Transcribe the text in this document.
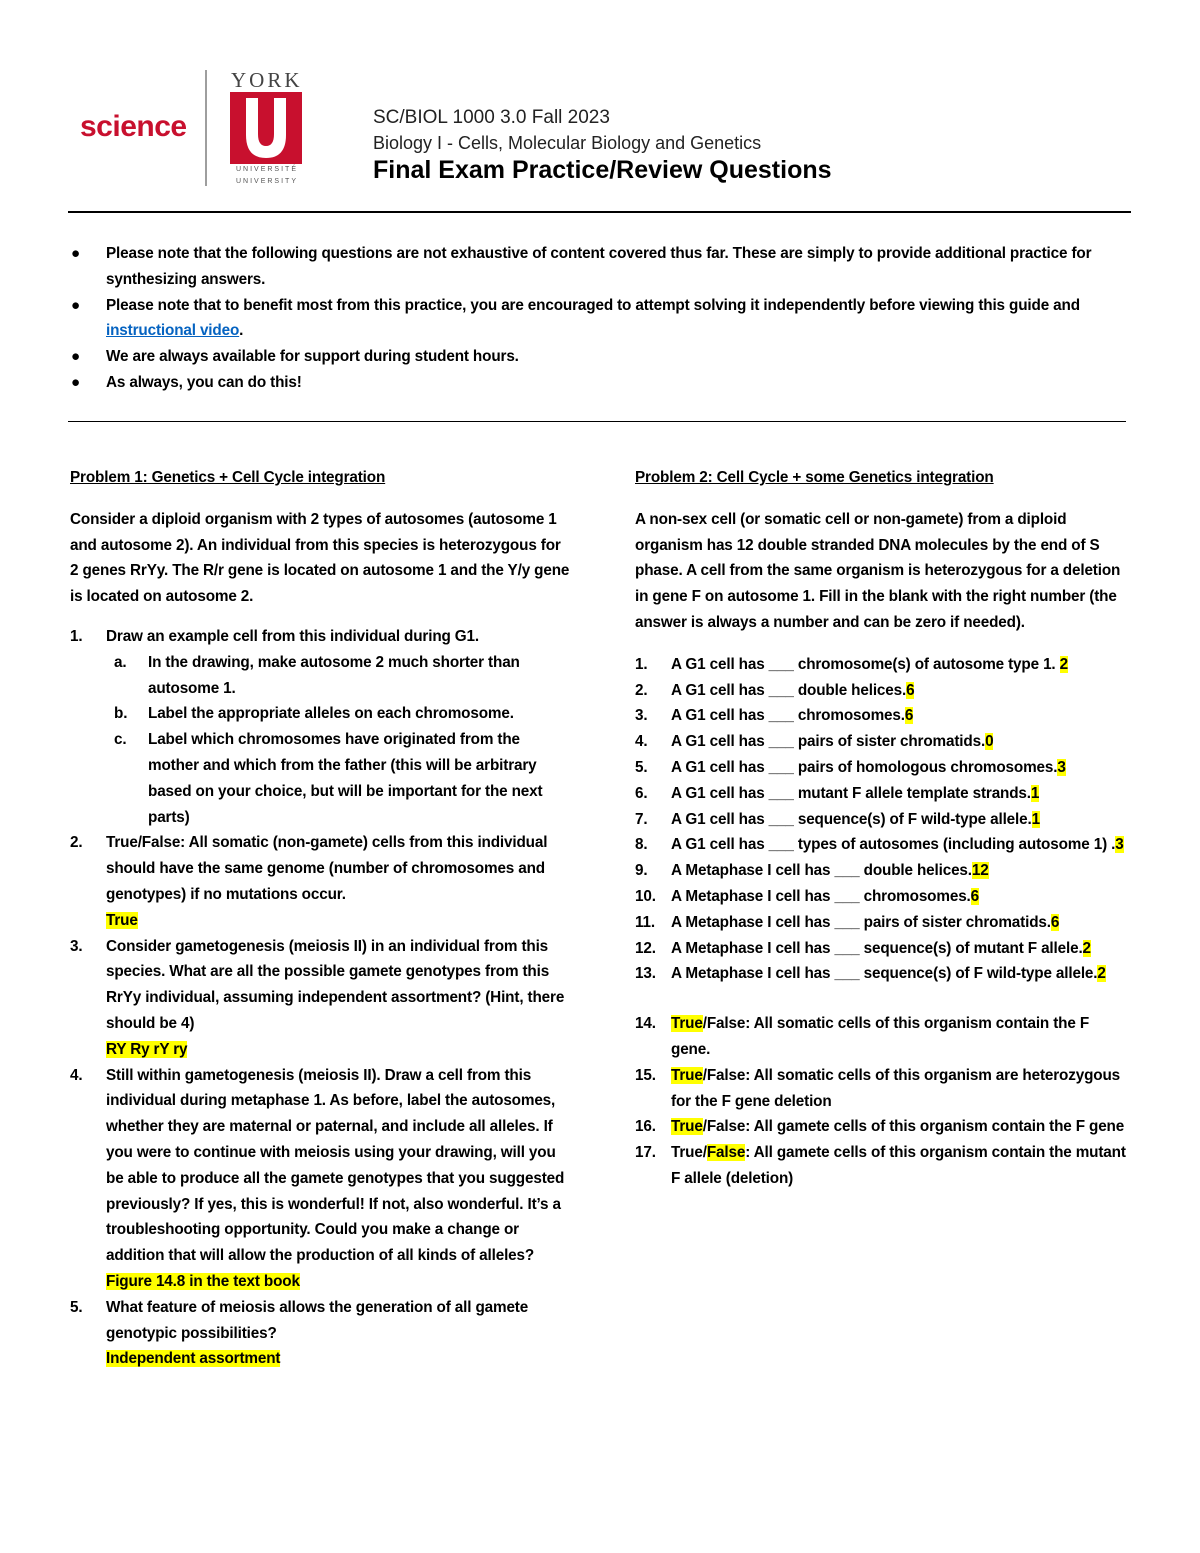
science
YORK
UNIVERSITÉ
UNIVERSITY
SC/BIOL 1000 3.0 Fall 2023
Biology I - Cells, Molecular Biology and Genetics
Final Exam Practice/Review Questions
● Please note that the following questions are not exhaustive of content covered thus far. These are simply to provide additional practice for synthesizing answers.
● Please note that to benefit most from this practice, you are encouraged to attempt solving it independently before viewing this guide and instructional video.
● We are always available for support during student hours.
● As always, you can do this!

Problem 1: Genetics + Cell Cycle integration

Consider a diploid organism with 2 types of autosomes (autosome 1 and autosome 2). An individual from this species is heterozygous for 2 genes RrYy. The R/r gene is located on autosome 1 and the Y/y gene is located on autosome 2.

1. Draw an example cell from this individual during G1.
a. In the drawing, make autosome 2 much shorter than autosome 1.
b. Label the appropriate alleles on each chromosome.
c. Label which chromosomes have originated from the mother and which from the father (this will be arbitrary based on your choice, but will be important for the next parts)
2. True/False: All somatic (non-gamete) cells from this individual should have the same genome (number of chromosomes and genotypes) if no mutations occur.
True
3. Consider gametogenesis (meiosis II) in an individual from this species. What are all the possible gamete genotypes from this RrYy individual, assuming independent assortment? (Hint, there should be 4)
RY Ry rY ry
4. Still within gametogenesis (meiosis II). Draw a cell from this individual during metaphase 1. As before, label the autosomes, whether they are maternal or paternal, and include all alleles. If you were to continue with meiosis using your drawing, will you be able to produce all the gamete genotypes that you suggested previously? If yes, this is wonderful! If not, also wonderful. It’s a troubleshooting opportunity. Could you make a change or addition that will allow the production of all kinds of alleles? Figure 14.8 in the text book
5. What feature of meiosis allows the generation of all gamete genotypic possibilities?
Independent assortment

Problem 2: Cell Cycle + some Genetics integration

A non-sex cell (or somatic cell or non-gamete) from a diploid organism has 12 double stranded DNA molecules by the end of S phase. A cell from the same organism is heterozygous for a deletion in gene F on autosome 1. Fill in the blank with the right number (the answer is always a number and can be zero if needed).

1. A G1 cell has ___ chromosome(s) of autosome type 1. 2
2. A G1 cell has ___ double helices.6
3. A G1 cell has ___ chromosomes.6
4. A G1 cell has ___ pairs of sister chromatids.0
5. A G1 cell has ___ pairs of homologous chromosomes.3
6. A G1 cell has ___ mutant F allele template strands.1
7. A G1 cell has ___ sequence(s) of F wild-type allele.1
8. A G1 cell has ___ types of autosomes (including autosome 1) .3
9. A Metaphase I cell has ___ double helices.12
10. A Metaphase I cell has ___ chromosomes.6
11. A Metaphase I cell has ___ pairs of sister chromatids.6
12. A Metaphase I cell has ___ sequence(s) of mutant F allele.2
13. A Metaphase I cell has ___ sequence(s) of F wild-type allele.2
14. True/False: All somatic cells of this organism contain the F gene.
15. True/False: All somatic cells of this organism are heterozygous for the F gene deletion
16. True/False: All gamete cells of this organism contain the F gene
17. True/False: All gamete cells of this organism contain the mutant F allele (deletion)
